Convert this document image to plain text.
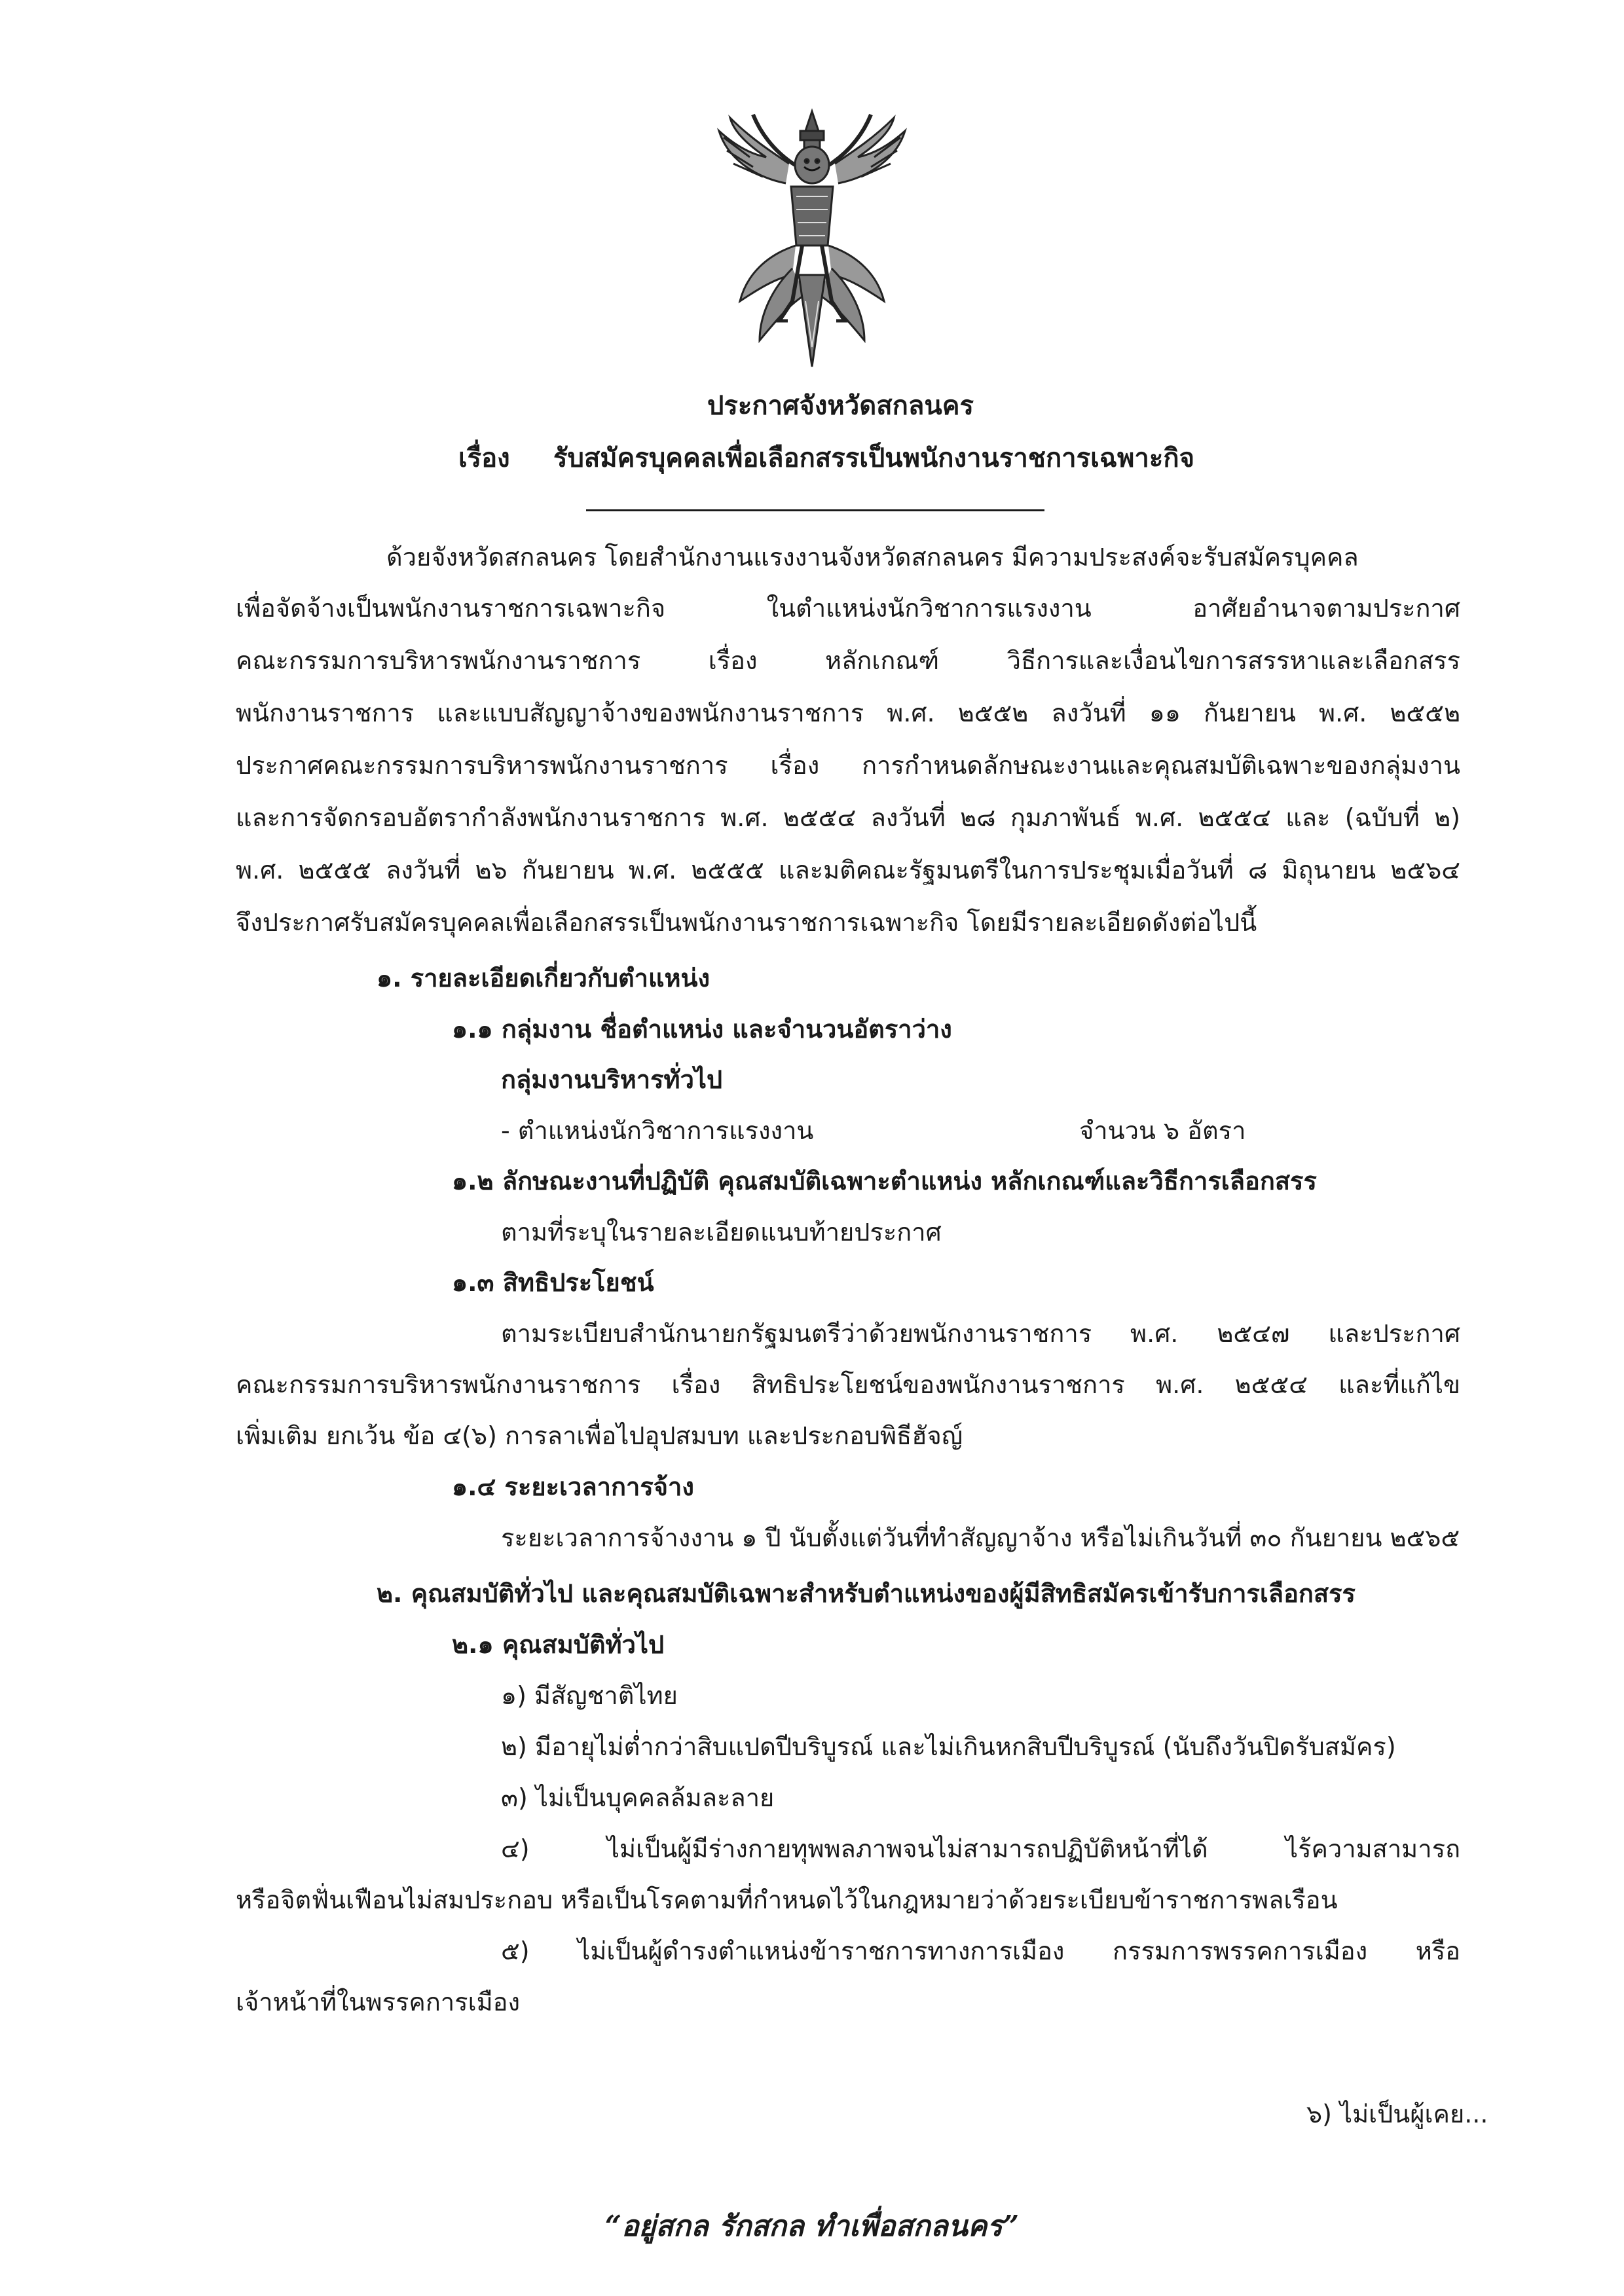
ประกาศจังหวัดสกลนคร
เรื่อง รับสมัครบุคคลเพื่อเลือกสรรเป็นพนักงานราชการเฉพาะกิจ
ด้วยจังหวัดสกลนคร โดยสำนักงานแรงงานจังหวัดสกลนคร มีความประสงค์จะรับสมัครบุคคล
เพื่อจัดจ้างเป็นพนักงานราชการเฉพาะกิจ ในตำแหน่งนักวิชาการแรงงาน อาศัยอำนาจตามประกาศ
คณะกรรมการบริหารพนักงานราชการ เรื่อง หลักเกณฑ์ วิธีการและเงื่อนไขการสรรหาและเลือกสรร
พนักงานราชการ และแบบสัญญาจ้างของพนักงานราชการ พ.ศ. ๒๕๕๒ ลงวันที่ ๑๑ กันยายน พ.ศ. ๒๕๕๒
ประกาศคณะกรรมการบริหารพนักงานราชการ เรื่อง การกำหนดลักษณะงานและคุณสมบัติเฉพาะของกลุ่มงาน
และการจัดกรอบอัตรากำลังพนักงานราชการ พ.ศ. ๒๕๕๔ ลงวันที่ ๒๘ กุมภาพันธ์ พ.ศ. ๒๕๕๔ และ (ฉบับที่ ๒)
พ.ศ. ๒๕๕๕ ลงวันที่ ๒๖ กันยายน พ.ศ. ๒๕๕๕ และมติคณะรัฐมนตรีในการประชุมเมื่อวันที่ ๘ มิถุนายน ๒๕๖๔
จึงประกาศรับสมัครบุคคลเพื่อเลือกสรรเป็นพนักงานราชการเฉพาะกิจ โดยมีรายละเอียดดังต่อไปนี้
๑. รายละเอียดเกี่ยวกับตำแหน่ง
๑.๑ กลุ่มงาน ชื่อตำแหน่ง และจำนวนอัตราว่าง
กลุ่มงานบริหารทั่วไป
- ตำแหน่งนักวิชาการแรงงาน	จำนวน ๖ อัตรา
๑.๒ ลักษณะงานที่ปฏิบัติ คุณสมบัติเฉพาะตำแหน่ง หลักเกณฑ์และวิธีการเลือกสรร
ตามที่ระบุในรายละเอียดแนบท้ายประกาศ
๑.๓ สิทธิประโยชน์
ตามระเบียบสำนักนายกรัฐมนตรีว่าด้วยพนักงานราชการ พ.ศ. ๒๕๔๗ และประกาศ
คณะกรรมการบริหารพนักงานราชการ เรื่อง สิทธิประโยชน์ของพนักงานราชการ พ.ศ. ๒๕๕๔ และที่แก้ไข
เพิ่มเติม ยกเว้น ข้อ ๔(๖) การลาเพื่อไปอุปสมบท และประกอบพิธีฮัจญ์
๑.๔ ระยะเวลาการจ้าง
ระยะเวลาการจ้างงาน ๑ ปี นับตั้งแต่วันที่ทำสัญญาจ้าง หรือไม่เกินวันที่ ๓๐ กันยายน ๒๕๖๕
๒. คุณสมบัติทั่วไป และคุณสมบัติเฉพาะสำหรับตำแหน่งของผู้มีสิทธิสมัครเข้ารับการเลือกสรร
๒.๑ คุณสมบัติทั่วไป
๑) มีสัญชาติไทย
๒) มีอายุไม่ต่ำกว่าสิบแปดปีบริบูรณ์ และไม่เกินหกสิบปีบริบูรณ์ (นับถึงวันปิดรับสมัคร)
๓) ไม่เป็นบุคคลล้มละลาย
๔) ไม่เป็นผู้มีร่างกายทุพพลภาพจนไม่สามารถปฏิบัติหน้าที่ได้ ไร้ความสามารถ
หรือจิตฟั่นเฟือนไม่สมประกอบ หรือเป็นโรคตามที่กำหนดไว้ในกฎหมายว่าด้วยระเบียบข้าราชการพลเรือน
๕) ไม่เป็นผู้ดำรงตำแหน่งข้าราชการทางการเมือง กรรมการพรรคการเมือง หรือ
เจ้าหน้าที่ในพรรคการเมือง
๖) ไม่เป็นผู้เคย...
“อยู่สกล รักสกล ทำเพื่อสกลนคร”
